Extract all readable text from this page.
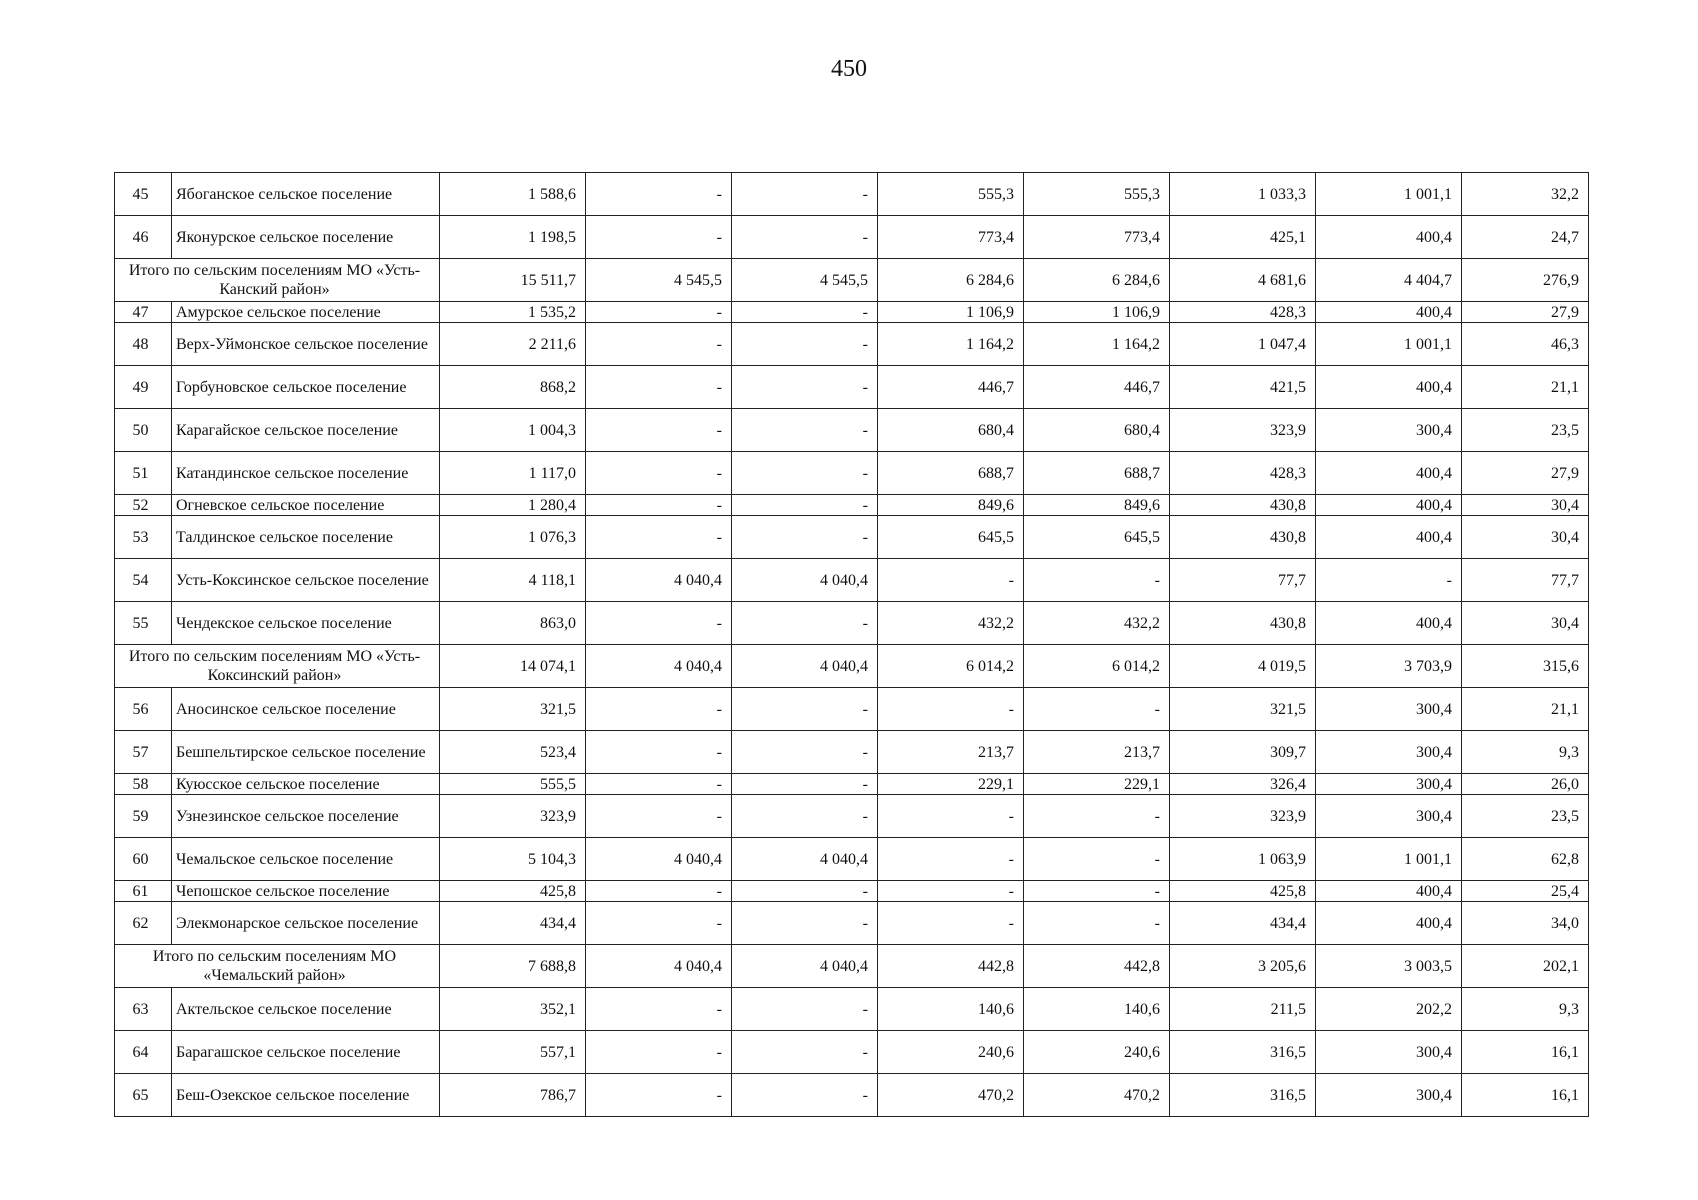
450
45	Ябоганское сельское поселение	1 588,6	-	-	555,3	555,3	1 033,3	1 001,1	32,2
46	Яконурское сельское поселение	1 198,5	-	-	773,4	773,4	425,1	400,4	24,7
Итого по сельским поселениям МО «Усть-Канский район»		15 511,7	4 545,5	4 545,5	6 284,6	6 284,6	4 681,6	4 404,7	276,9
47	Амурское сельское поселение	1 535,2	-	-	1 106,9	1 106,9	428,3	400,4	27,9
48	Верх-Уймонское сельское поселение	2 211,6	-	-	1 164,2	1 164,2	1 047,4	1 001,1	46,3
49	Горбуновское сельское поселение	868,2	-	-	446,7	446,7	421,5	400,4	21,1
50	Карагайское сельское поселение	1 004,3	-	-	680,4	680,4	323,9	300,4	23,5
51	Катандинское сельское поселение	1 117,0	-	-	688,7	688,7	428,3	400,4	27,9
52	Огневское сельское поселение	1 280,4	-	-	849,6	849,6	430,8	400,4	30,4
53	Талдинское сельское поселение	1 076,3	-	-	645,5	645,5	430,8	400,4	30,4
54	Усть-Коксинское сельское поселение	4 118,1	4 040,4	4 040,4	-	-	77,7	-	77,7
55	Чендекское сельское поселение	863,0	-	-	432,2	432,2	430,8	400,4	30,4
Итого по сельским поселениям МО «Усть-Коксинский район»		14 074,1	4 040,4	4 040,4	6 014,2	6 014,2	4 019,5	3 703,9	315,6
56	Аносинское сельское поселение	321,5	-	-	-	-	321,5	300,4	21,1
57	Бешпельтирское сельское поселение	523,4	-	-	213,7	213,7	309,7	300,4	9,3
58	Куюсское сельское поселение	555,5	-	-	229,1	229,1	326,4	300,4	26,0
59	Узнезинское сельское поселение	323,9	-	-	-	-	323,9	300,4	23,5
60	Чемальское сельское поселение	5 104,3	4 040,4	4 040,4	-	-	1 063,9	1 001,1	62,8
61	Чепошское сельское поселение	425,8	-	-	-	-	425,8	400,4	25,4
62	Элекмонарское сельское поселение	434,4	-	-	-	-	434,4	400,4	34,0
Итого по сельским поселениям МО «Чемальский район»		7 688,8	4 040,4	4 040,4	442,8	442,8	3 205,6	3 003,5	202,1
63	Актельское сельское поселение	352,1	-	-	140,6	140,6	211,5	202,2	9,3
64	Барагашское сельское поселение	557,1	-	-	240,6	240,6	316,5	300,4	16,1
65	Беш-Озекское сельское поселение	786,7	-	-	470,2	470,2	316,5	300,4	16,1
